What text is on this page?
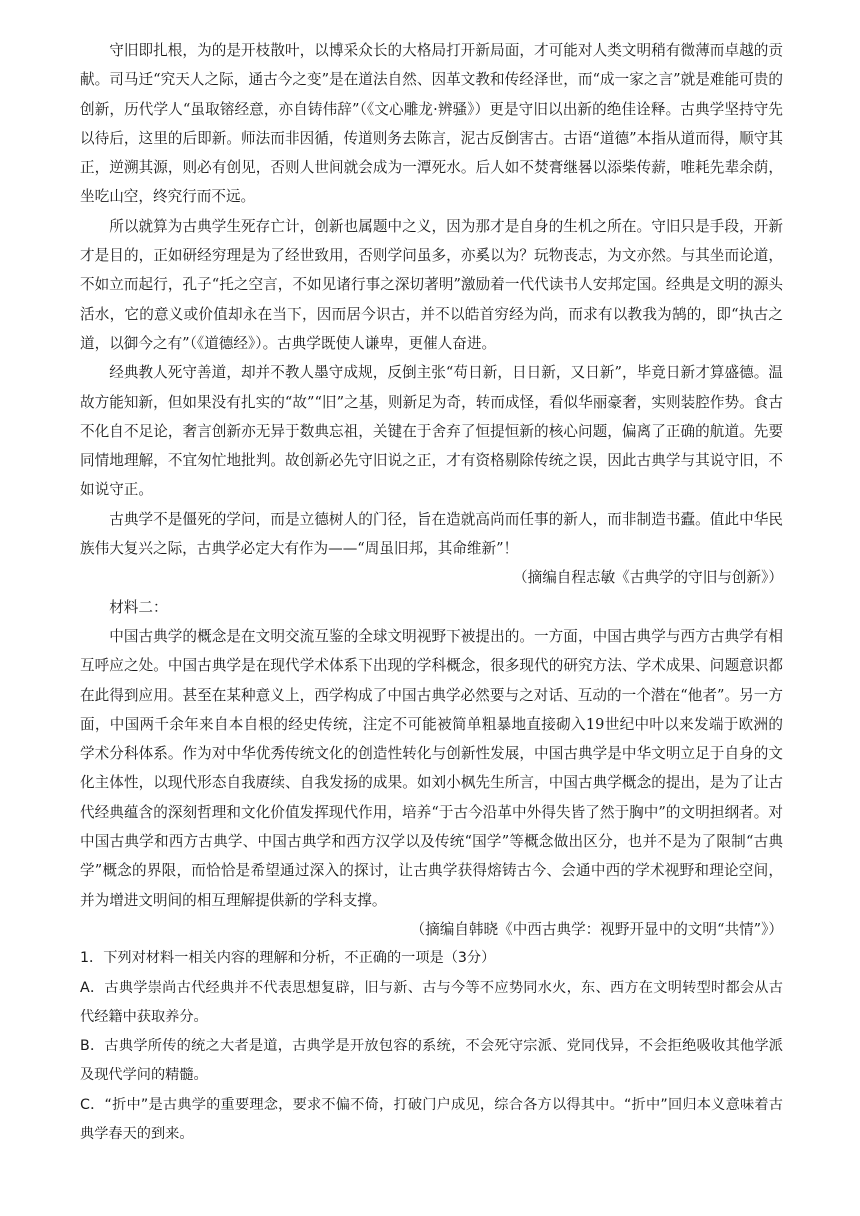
守旧即扎根，为的是开枝散叶，以博采众长的大格局打开新局面，才可能对人类文明稍有微薄而卓越的贡献。司马迁“究天人之际，通古今之变”是在道法自然、因革文教和传经泽世，而“成一家之言”就是难能可贵的创新，历代学人“虽取镕经意，亦自铸伟辞”（《文心雕龙·辨骚》）更是守旧以出新的绝佳诠释。古典学坚持守先以待后，这里的后即新。师法而非因循，传道则务去陈言，泥古反倒害古。古语“道德”本指从道而得，顺守其正，逆溯其源，则必有创见，否则人世间就会成为一潭死水。后人如不焚膏继晷以添柴传薪，唯耗先辈余荫，坐吃山空，终究行而不远。

所以就算为古典学生死存亡计，创新也属题中之义，因为那才是自身的生机之所在。守旧只是手段，开新才是目的，正如研经穷理是为了经世致用，否则学问虽多，亦奚以为？玩物丧志，为文亦然。与其坐而论道，不如立而起行，孔子“托之空言，不如见诸行事之深切著明”激励着一代代读书人安邦定国。经典是文明的源头活水，它的意义或价值却永在当下，因而居今识古，并不以皓首穷经为尚，而求有以教我为鹄的，即“执古之道，以御今之有”（《道德经》）。古典学既使人谦卑，更催人奋进。

经典教人死守善道，却并不教人墨守成规，反倒主张“苟日新，日日新，又日新”，毕竟日新才算盛德。温故方能知新，但如果没有扎实的“故”“旧”之基，则新足为奇，转而成怪，看似华丽豪奢，实则装腔作势。食古不化自不足论，奢言创新亦无异于数典忘祖，关键在于舍弃了恒提恒新的核心问题，偏离了正确的航道。先要同情地理解，不宜匆忙地批判。故创新必先守旧说之正，才有资格剔除传统之误，因此古典学与其说守旧，不如说守正。

古典学不是僵死的学问，而是立德树人的门径，旨在造就高尚而任事的新人，而非制造书蠹。值此中华民族伟大复兴之际，古典学必定大有作为——“周虽旧邦，其命维新”！

（摘编自程志敏《古典学的守旧与创新》）

材料二：

中国古典学的概念是在文明交流互鉴的全球文明视野下被提出的。一方面，中国古典学与西方古典学有相互呼应之处。中国古典学是在现代学术体系下出现的学科概念，很多现代的研究方法、学术成果、问题意识都在此得到应用。甚至在某种意义上，西学构成了中国古典学必然要与之对话、互动的一个潜在“他者”。另一方面，中国两千余年来自本自根的经史传统，注定不可能被简单粗暴地直接砌入19世纪中叶以来发端于欧洲的学术分科体系。作为对中华优秀传统文化的创造性转化与创新性发展，中国古典学是中华文明立足于自身的文化主体性，以现代形态自我赓续、自我发扬的成果。如刘小枫先生所言，中国古典学概念的提出，是为了让古代经典蕴含的深刻哲理和文化价值发挥现代作用，培养“于古今沿革中外得失皆了然于胸中”的文明担纲者。对中国古典学和西方古典学、中国古典学和西方汉学以及传统“国学”等概念做出区分，也并不是为了限制“古典学”概念的界限，而恰恰是希望通过深入的探讨，让古典学获得熔铸古今、会通中西的学术视野和理论空间，并为增进文明间的相互理解提供新的学科支撑。

（摘编自韩晓《中西古典学：视野开显中的文明“共情”》）

1．下列对材料一相关内容的理解和分析，不正确的一项是（3分）

A．古典学崇尚古代经典并不代表思想复辟，旧与新、古与今等不应势同水火，东、西方在文明转型时都会从古代经籍中获取养分。

B．古典学所传的统之大者是道，古典学是开放包容的系统，不会死守宗派、党同伐异，不会拒绝吸收其他学派及现代学问的精髓。

C．“折中”是古典学的重要理念，要求不偏不倚，打破门户成见，综合各方以得其中。“折中”回归本义意味着古典学春天的到来。
